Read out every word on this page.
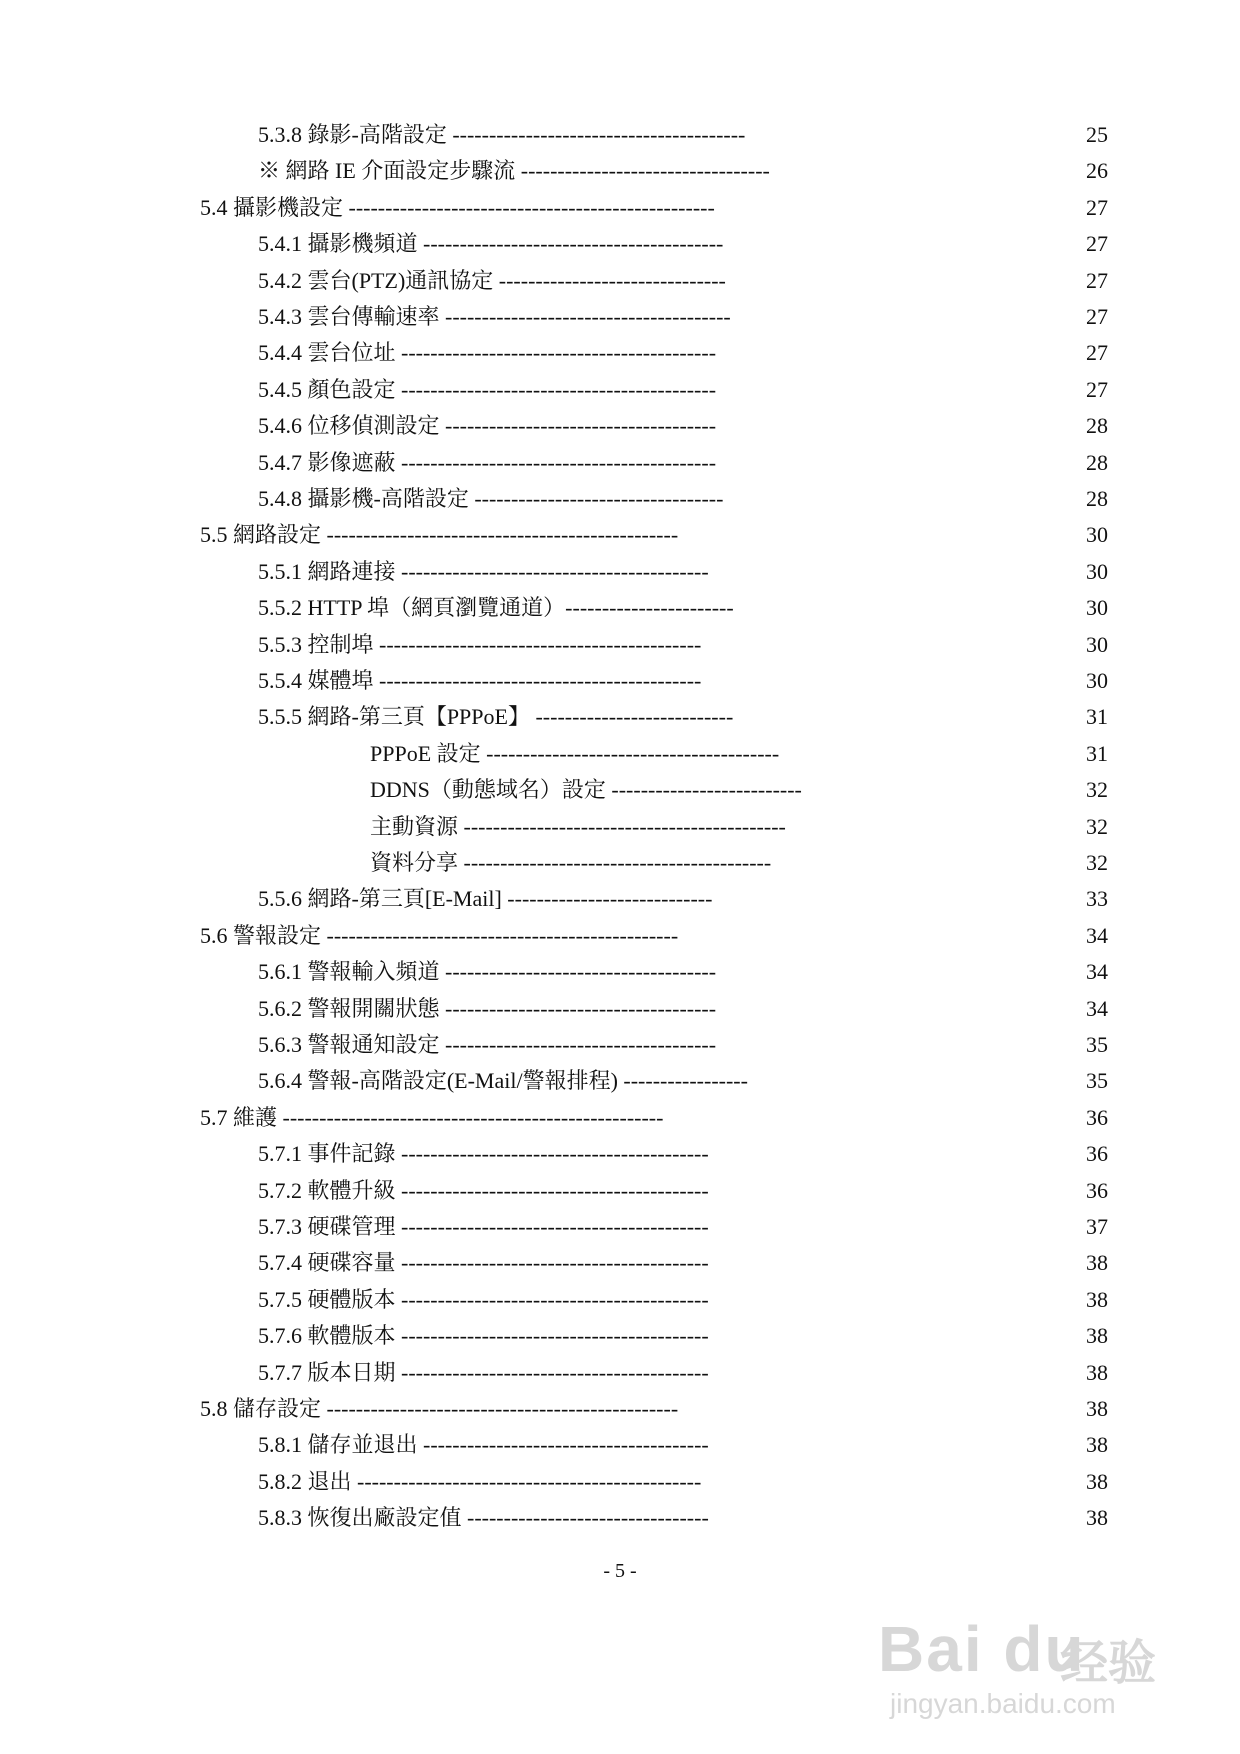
5.3.8 錄影-高階設定 ----------------------------------------	25
※ 網路 IE 介面設定步驟流 ----------------------------------	26
5.4 攝影機設定 --------------------------------------------------	27
5.4.1 攝影機頻道 -----------------------------------------	27
5.4.2 雲台(PTZ)通訊協定 -------------------------------	27
5.4.3 雲台傳輸速率 ---------------------------------------	27
5.4.4 雲台位址 -------------------------------------------	27
5.4.5 顏色設定 -------------------------------------------	27
5.4.6 位移偵測設定 -------------------------------------	28
5.4.7 影像遮蔽 -------------------------------------------	28
5.4.8 攝影機-高階設定 ----------------------------------	28
5.5 網路設定 ------------------------------------------------	30
5.5.1 網路連接 ------------------------------------------	30
5.5.2 HTTP 埠（網頁瀏覽通道）-----------------------	30
5.5.3 控制埠 --------------------------------------------	30
5.5.4 媒體埠 --------------------------------------------	30
5.5.5 網路-第三頁【PPPoE】 ---------------------------	31
PPPoE 設定 ----------------------------------------	31
DDNS（動態域名）設定 --------------------------	32
主動資源 --------------------------------------------	32
資料分享 ------------------------------------------	32
5.5.6 網路-第三頁[E-Mail] ----------------------------	33
5.6 警報設定 ------------------------------------------------	34
5.6.1 警報輸入頻道 -------------------------------------	34
5.6.2 警報開關狀態 -------------------------------------	34
5.6.3 警報通知設定 -------------------------------------	35
5.6.4 警報-高階設定(E-Mail/警報排程) -----------------	35
5.7 維護 ----------------------------------------------------	36
5.7.1 事件記錄 ------------------------------------------	36
5.7.2 軟體升級 ------------------------------------------	36
5.7.3 硬碟管理 ------------------------------------------	37
5.7.4 硬碟容量 ------------------------------------------	38
5.7.5 硬體版本 ------------------------------------------	38
5.7.6 軟體版本 ------------------------------------------	38
5.7.7 版本日期 ------------------------------------------	38
5.8 儲存設定 ------------------------------------------------	38
5.8.1 儲存並退出 ---------------------------------------	38
5.8.2 退出 -----------------------------------------------	38
5.8.3 恢復出廠設定值 ---------------------------------	38
- 5 -
Bai du
经验
jingyan.baidu.com
